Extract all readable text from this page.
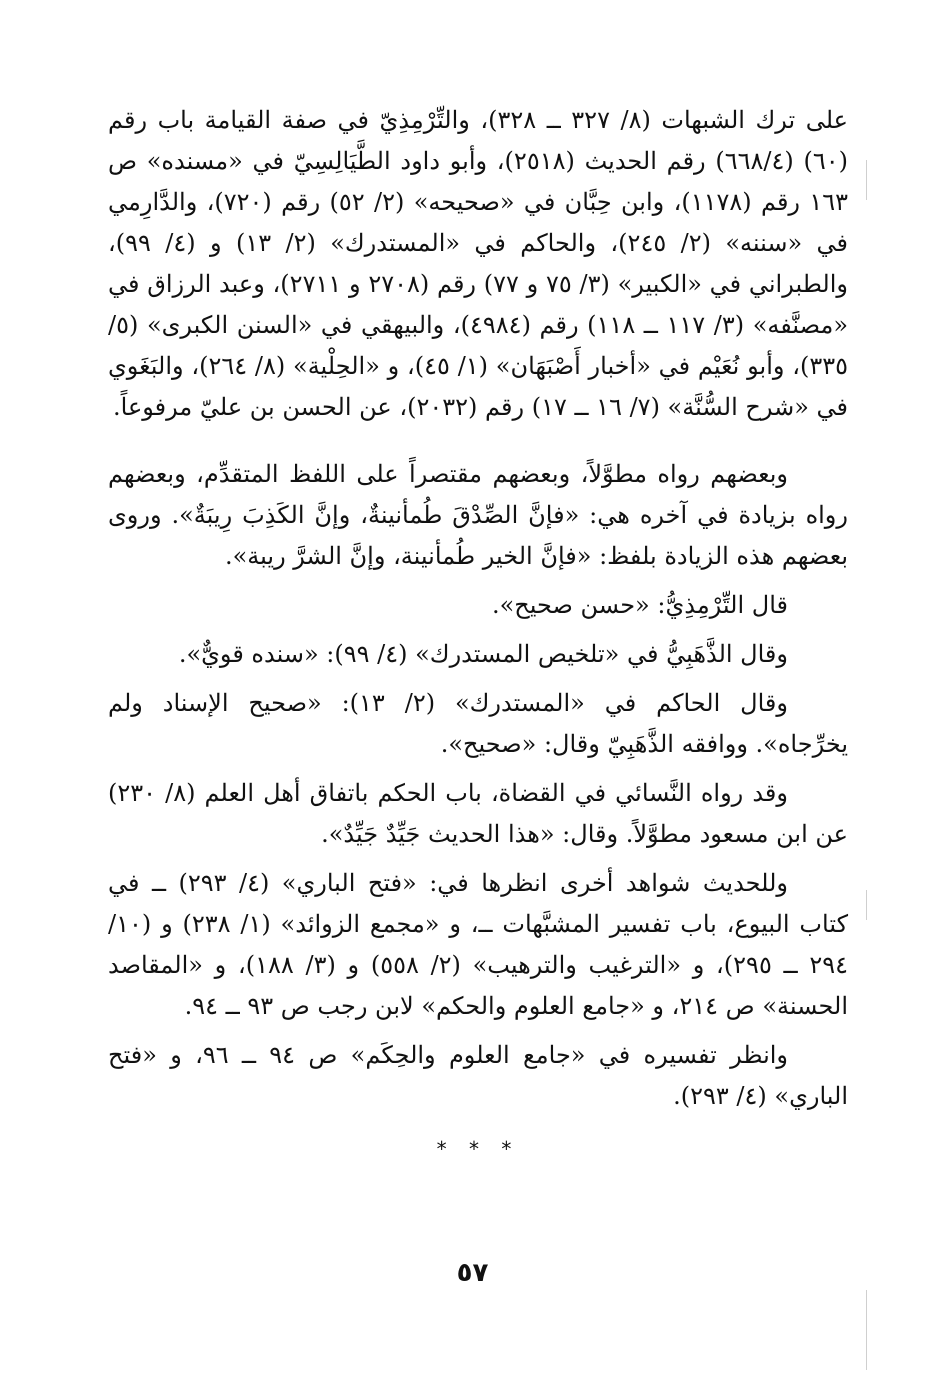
على ترك الشبهات (٨/ ٣٢٧ ــ ٣٢٨)، والتِّرْمِذِيّ في صفة القيامة باب رقم (٦٠) (٦٦٨/٤) رقم الحديث (٢٥١٨)، وأبو داود الطَّيَالِسِيّ في «مسنده» ص ١٦٣ رقم (١١٧٨)، وابن حِبَّان في «صحيحه» (٢/ ٥٢) رقم (٧٢٠)، والدَّارِمي في «سننه» (٢/ ٢٤٥)، والحاكم في «المستدرك» (٢/ ١٣) و (٤/ ٩٩)، والطبراني في «الكبير» (٣/ ٧٥ و ٧٧) رقم (٢٧٠٨ و ٢٧١١)، وعبد الرزاق في «مصنَّفه» (٣/ ١١٧ ــ ١١٨) رقم (٤٩٨٤)، والبيهقي في «السنن الكبرى» (٥/ ٣٣٥)، وأبو نُعَيْم في «أخبار أَصْبَهَان» (١/ ٤٥)، و «الحِلْية» (٨/ ٢٦٤)، والبَغَوي في «شرح السُّنَّة» (٧/ ١٦ ــ ١٧) رقم (٢٠٣٢)، عن الحسن بن عليّ مرفوعاً.

وبعضهم رواه مطوَّلاً، وبعضهم مقتصراً على اللفظ المتقدِّم، وبعضهم رواه بزيادة في آخره هي: «فإنَّ الصِّدْقَ طُمأنينةٌ، وإنَّ الكَذِبَ رِيبَةٌ». وروى بعضهم هذه الزيادة بلفظ: «فإنَّ الخير طُمأنينة، وإنَّ الشرَّ ريبة».

قال التِّرْمِذِيُّ: «حسن صحيح».

وقال الذَّهَبِيُّ في «تلخيص المستدرك» (٤/ ٩٩): «سنده قويٌّ».

وقال الحاكم في «المستدرك» (٢/ ١٣): «صحيح الإسناد ولم يخرِّجاه». ووافقه الذَّهَبِيّ وقال: «صحيح».

وقد رواه النَّسائي في القضاة، باب الحكم باتفاق أهل العلم (٨/ ٢٣٠) عن ابن مسعود مطوَّلاً. وقال: «هذا الحديث جَيِّدٌ جَيِّدٌ».

وللحديث شواهد أخرى انظرها في: «فتح الباري» (٤/ ٢٩٣) ــ في كتاب البيوع، باب تفسير المشبَّهات ــ، و «مجمع الزوائد» (١/ ٢٣٨) و (١٠/ ٢٩٤ ــ ٢٩٥)، و «الترغيب والترهيب» (٢/ ٥٥٨) و (٣/ ١٨٨)، و «المقاصد الحسنة» ص ٢١٤، و «جامع العلوم والحكم» لابن رجب ص ٩٣ ــ ٩٤.

وانظر تفسيره في «جامع العلوم والحِكَم» ص ٩٤ ــ ٩٦، و «فتح الباري» (٤/ ٢٩٣).

* * *
٥٧
